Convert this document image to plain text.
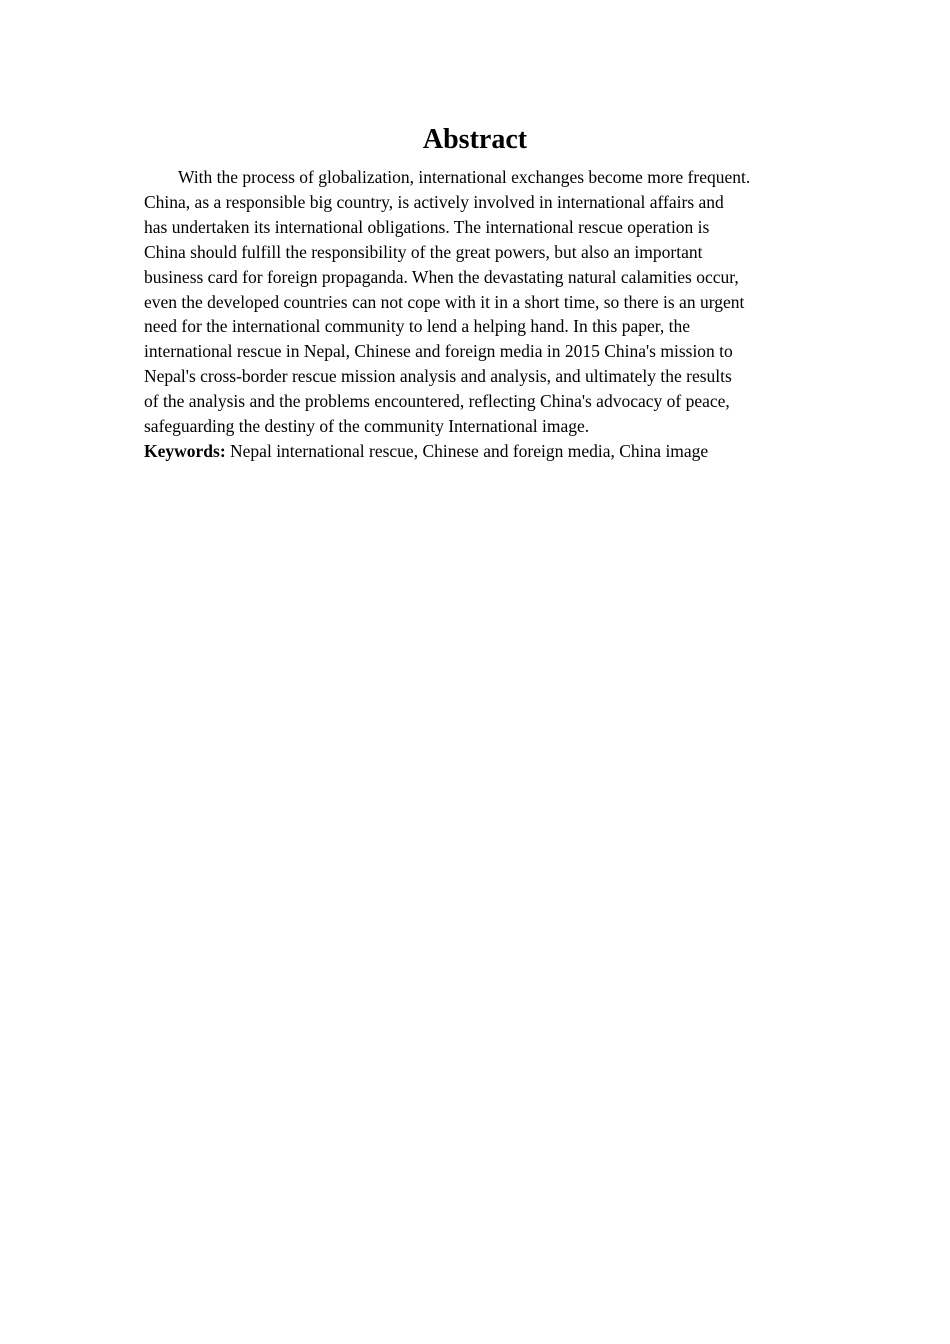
Abstract
With the process of globalization, international exchanges become more frequent.
China, as a responsible big country, is actively involved in international affairs and
has undertaken its international obligations. The international rescue operation is
China should fulfill the responsibility of the great powers, but also an important
business card for foreign propaganda. When the devastating natural calamities occur,
even the developed countries can not cope with it in a short time, so there is an urgent
need for the international community to lend a helping hand. In this paper, the
international rescue in Nepal, Chinese and foreign media in 2015 China's mission to
Nepal's cross-border rescue mission analysis and analysis, and ultimately the results
of the analysis and the problems encountered, reflecting China's advocacy of peace,
safeguarding the destiny of the community International image.
Keywords: Nepal international rescue, Chinese and foreign media, China image
